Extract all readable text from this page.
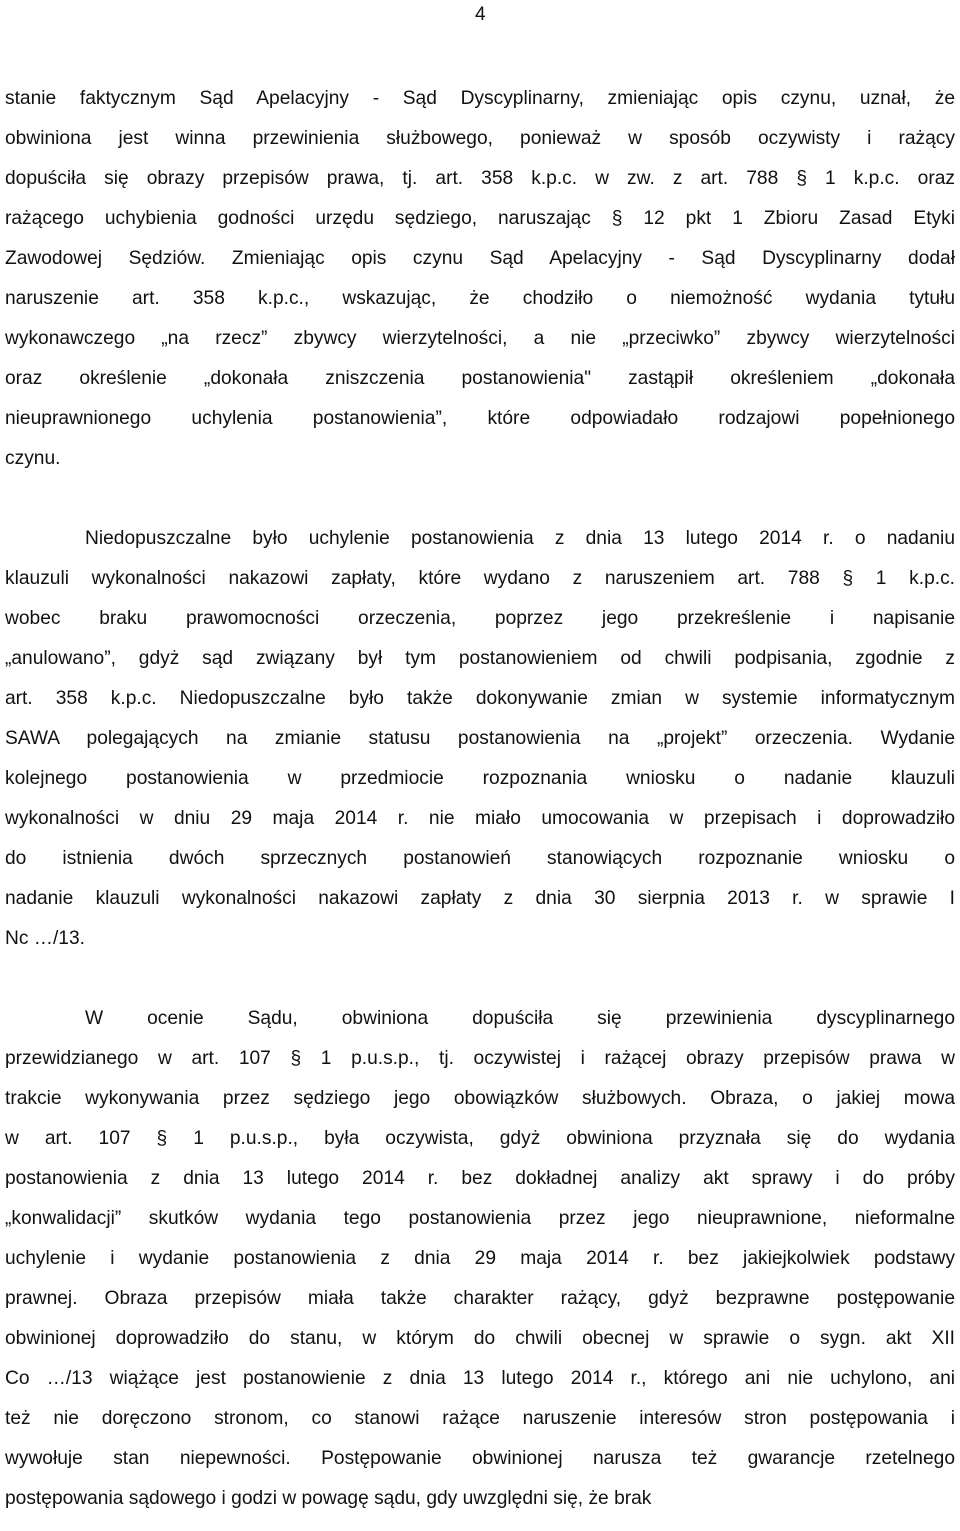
4
stanie faktycznym Sąd Apelacyjny - Sąd Dyscyplinarny, zmieniając opis czynu, uznał, że
obwiniona jest winna przewinienia służbowego, ponieważ w sposób oczywisty i rażący
dopuściła się obrazy przepisów prawa, tj. art. 358 k.p.c. w zw. z art. 788 § 1 k.p.c. oraz
rażącego uchybienia godności urzędu sędziego, naruszając § 12 pkt 1 Zbioru Zasad Etyki
Zawodowej Sędziów. Zmieniając opis czynu Sąd Apelacyjny - Sąd Dyscyplinarny dodał
naruszenie art. 358 k.p.c., wskazując, że chodziło o niemożność wydania tytułu
wykonawczego „na rzecz” zbywcy wierzytelności, a nie „przeciwko” zbywcy wierzytelności
oraz określenie „dokonała zniszczenia postanowienia" zastąpił określeniem „dokonała
nieuprawnionego uchylenia postanowienia”, które odpowiadało rodzajowi popełnionego
czynu.
Niedopuszczalne było uchylenie postanowienia z dnia 13 lutego 2014 r. o nadaniu
klauzuli wykonalności nakazowi zapłaty, które wydano z naruszeniem art. 788 § 1 k.p.c.
wobec braku prawomocności orzeczenia, poprzez jego przekreślenie i napisanie
„anulowano”, gdyż sąd związany był tym postanowieniem od chwili podpisania, zgodnie z
art. 358 k.p.c. Niedopuszczalne było także dokonywanie zmian w systemie informatycznym
SAWA polegających na zmianie statusu postanowienia na „projekt” orzeczenia. Wydanie
kolejnego postanowienia w przedmiocie rozpoznania wniosku o nadanie klauzuli
wykonalności w dniu 29 maja 2014 r. nie miało umocowania w przepisach i doprowadziło
do istnienia dwóch sprzecznych postanowień stanowiących rozpoznanie wniosku o
nadanie klauzuli wykonalności nakazowi zapłaty z dnia 30 sierpnia 2013 r. w sprawie I
Nc …/13.
W ocenie Sądu, obwiniona dopuściła się przewinienia dyscyplinarnego
przewidzianego w art. 107 § 1 p.u.s.p., tj. oczywistej i rażącej obrazy przepisów prawa w
trakcie wykonywania przez sędziego jego obowiązków służbowych. Obraza, o jakiej mowa
w art. 107 § 1 p.u.s.p., była oczywista, gdyż obwiniona przyznała się do wydania
postanowienia z dnia 13 lutego 2014 r. bez dokładnej analizy akt sprawy i do próby
„konwalidacji” skutków wydania tego postanowienia przez jego nieuprawnione, nieformalne
uchylenie i wydanie postanowienia z dnia 29 maja 2014 r. bez jakiejkolwiek podstawy
prawnej. Obraza przepisów miała także charakter rażący, gdyż bezprawne postępowanie
obwinionej doprowadziło do stanu, w którym do chwili obecnej w sprawie o sygn. akt XII
Co …/13 wiążące jest postanowienie z dnia 13 lutego 2014 r., którego ani nie uchylono, ani
też nie doręczono stronom, co stanowi rażące naruszenie interesów stron postępowania i
wywołuje stan niepewności. Postępowanie obwinionej narusza też gwarancje rzetelnego
postępowania sądowego i godzi w powagę sądu, gdy uwzględni się, że brak
